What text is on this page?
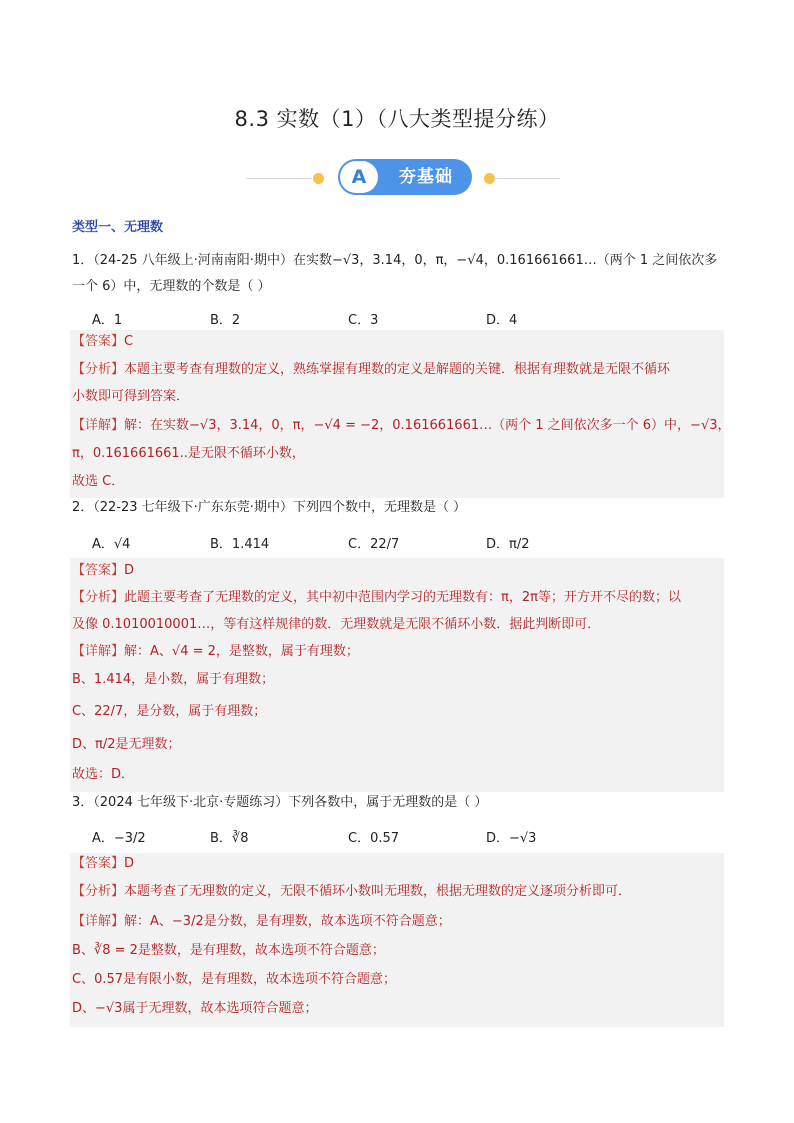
8.3 实数（1）（八大类型提分练）
A	夯基础
类型一、无理数
1．（24-25 八年级上·河南南阳·期中）在实数−√3，3.14，0，π，−√4，0.161661661…（两个 1 之间依次多
一个 6）中，无理数的个数是（ ）
A．1	B．2	C．3	D．4
【答案】C
【分析】本题主要考查有理数的定义，熟练掌握有理数的定义是解题的关键．根据有理数就是无限不循环
小数即可得到答案．
【详解】解：在实数−√3，3.14，0，π，−√4 = −2，0.161661661…（两个 1 之间依次多一个 6）中，−√3，
π，0.161661661..是无限不循环小数，
故选 C．
2．（22-23 七年级下·广东东莞·期中）下列四个数中，无理数是（ ）
A．√4	B．1.414	C．22/7	D．π/2
【答案】D
【分析】此题主要考查了无理数的定义，其中初中范围内学习的无理数有：π，2π等；开方开不尽的数；以
及像 0.1010010001…，等有这样规律的数．无理数就是无限不循环小数．据此判断即可．
【详解】解：A、√4 = 2，是整数，属于有理数；
B、1.414，是小数，属于有理数；
C、22/7，是分数，属于有理数；
D、π/2是无理数；
故选：D．
3．（2024 七年级下·北京·专题练习）下列各数中，属于无理数的是（ ）
A．−3/2	B．∛8	C．0.57	D．−√3
【答案】D
【分析】本题考查了无理数的定义，无限不循环小数叫无理数，根据无理数的定义逐项分析即可．
【详解】解：A、−3/2是分数，是有理数，故本选项不符合题意；
B、∛8 = 2是整数，是有理数，故本选项不符合题意；
C、0.57是有限小数，是有理数，故本选项不符合题意；
D、−√3属于无理数，故本选项符合题意；
